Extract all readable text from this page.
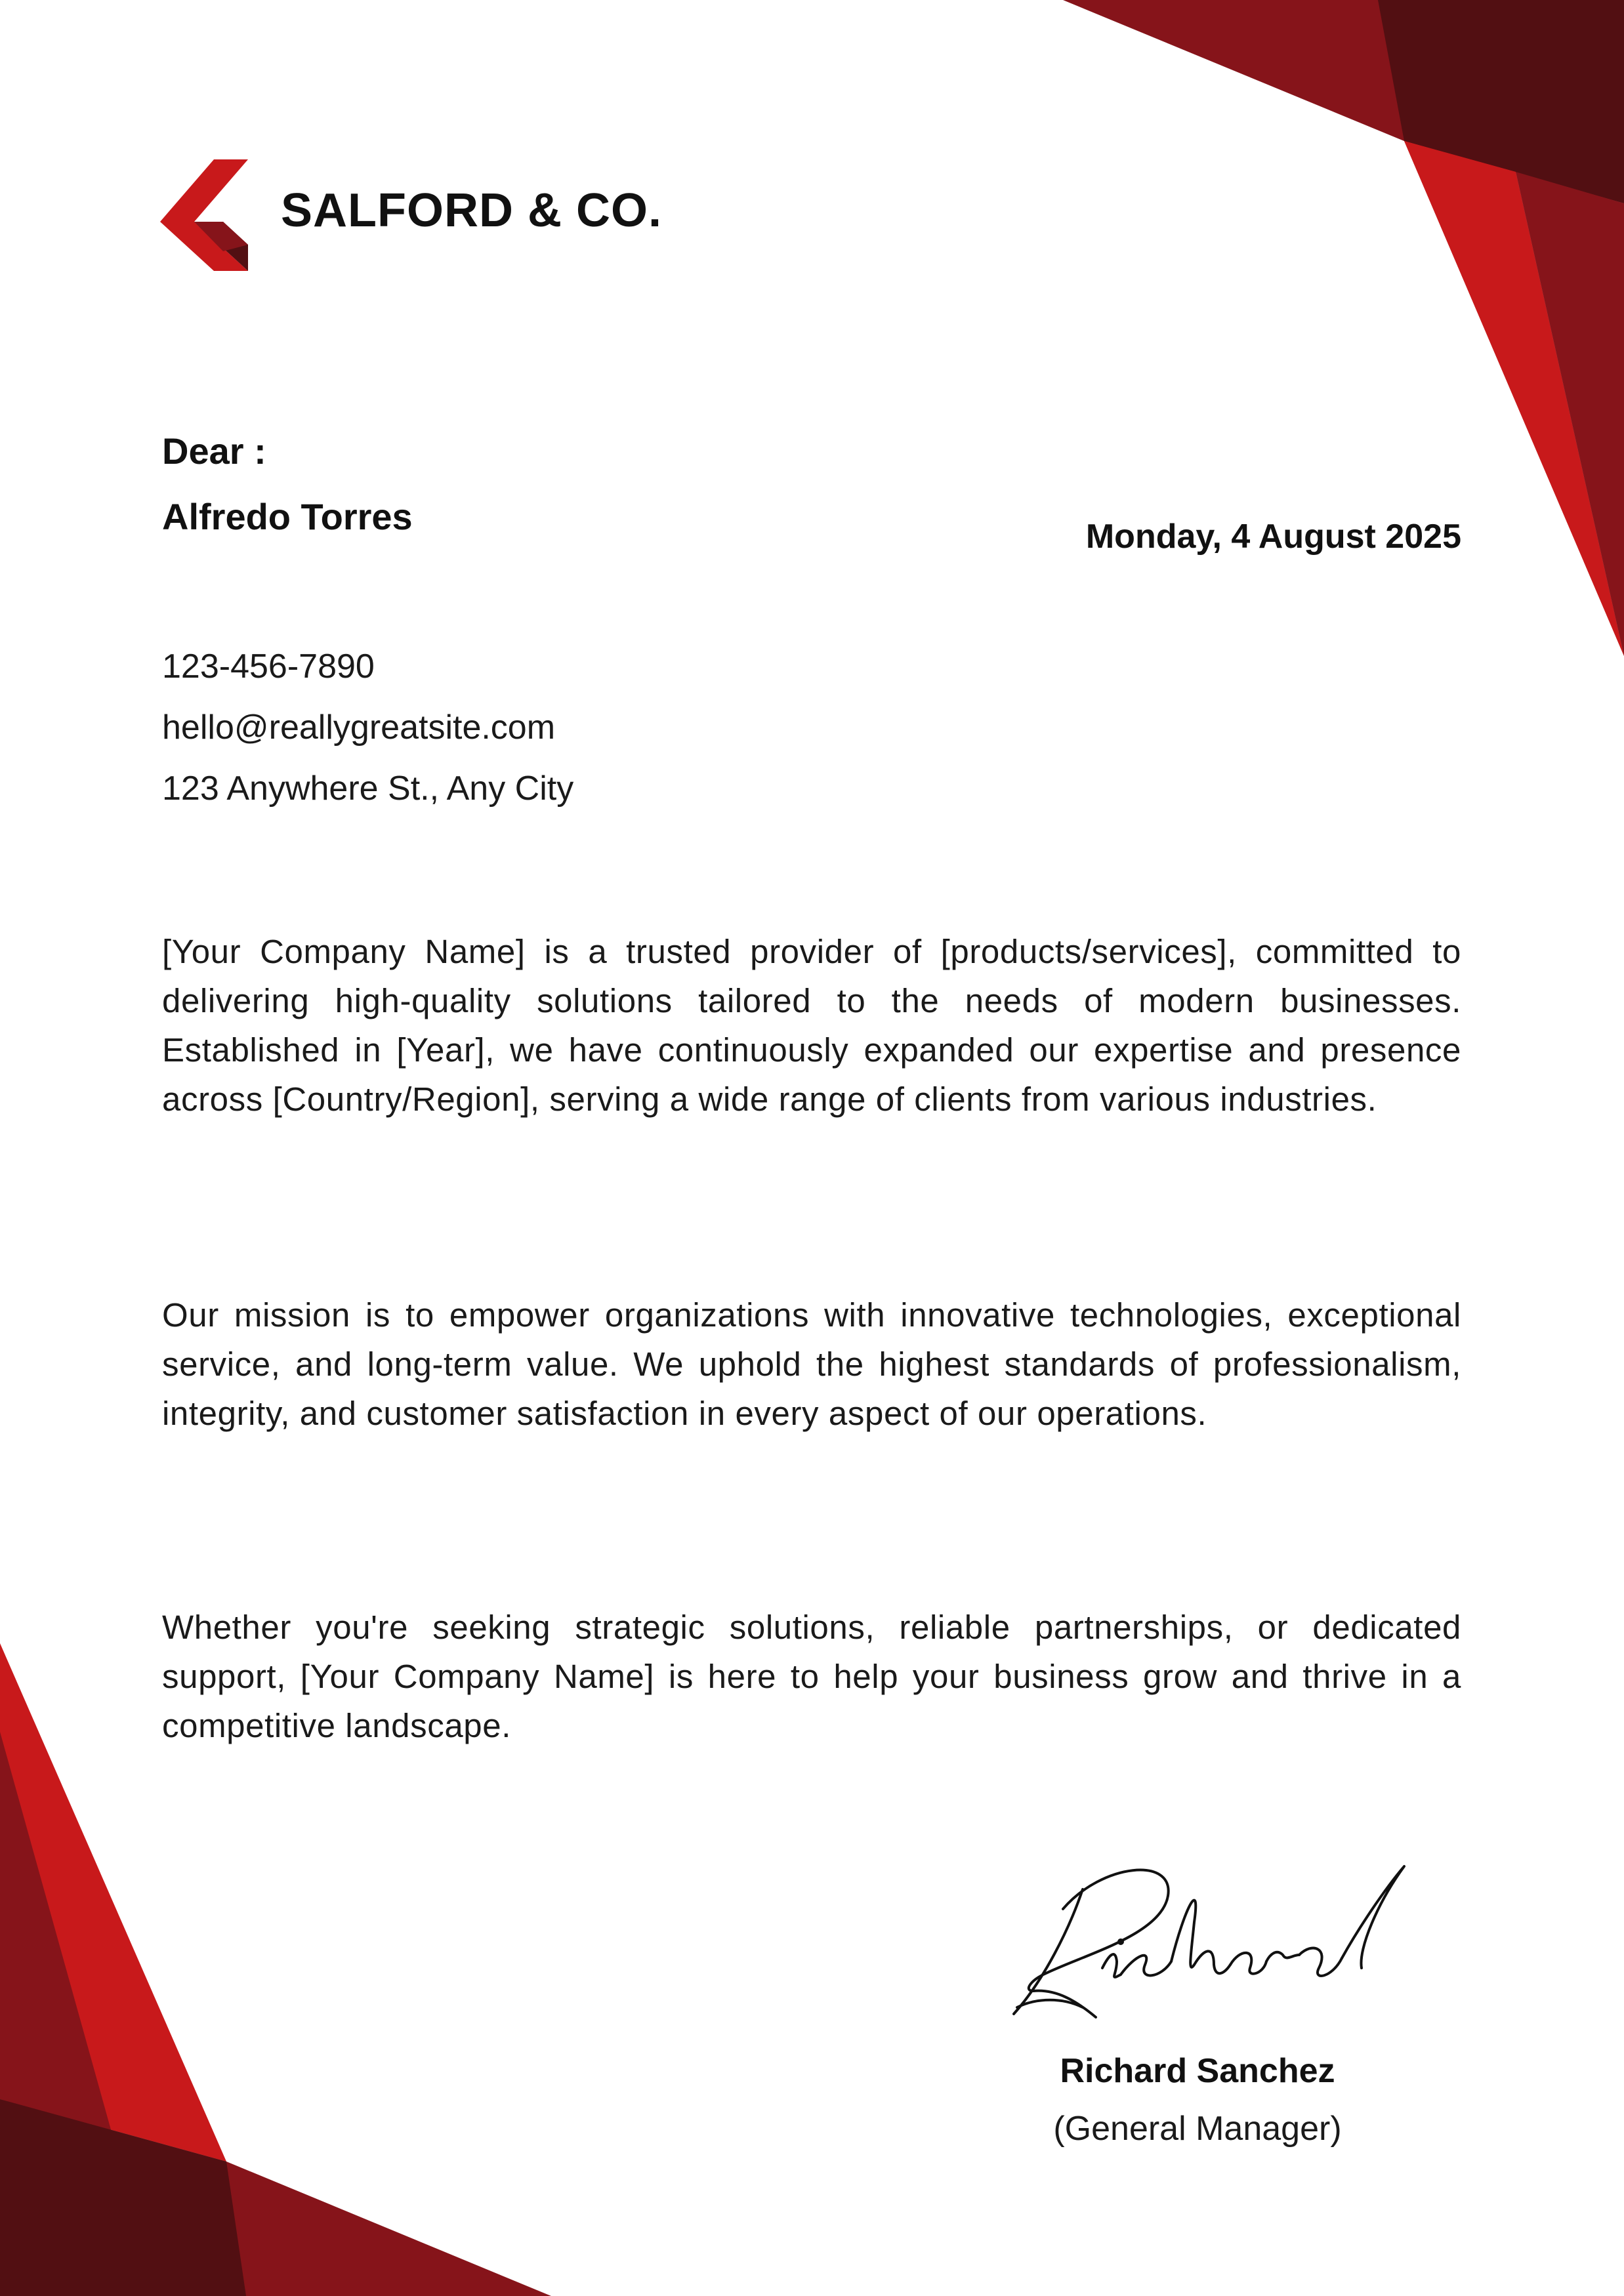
SALFORD & CO.
Dear :
Alfredo Torres	Monday, 4 August 2025
123-456-7890
hello@reallygreatsite.com
123 Anywhere St., Any City
[Your Company Name] is a trusted provider of [products/services], committed to delivering high-quality solutions tailored to the needs of modern businesses. Established in [Year], we have continuously expanded our expertise and presence across [Country/Region], serving a wide range of clients from various industries.
Our mission is to empower organizations with innovative technologies, exceptional service, and long-term value. We uphold the highest standards of professionalism, integrity, and customer satisfaction in every aspect of our operations.
Whether you're seeking strategic solutions, reliable partnerships, or dedicated support, [Your Company Name] is here to help your business grow and thrive in a competitive landscape.
Richard Sanchez
(General Manager)
